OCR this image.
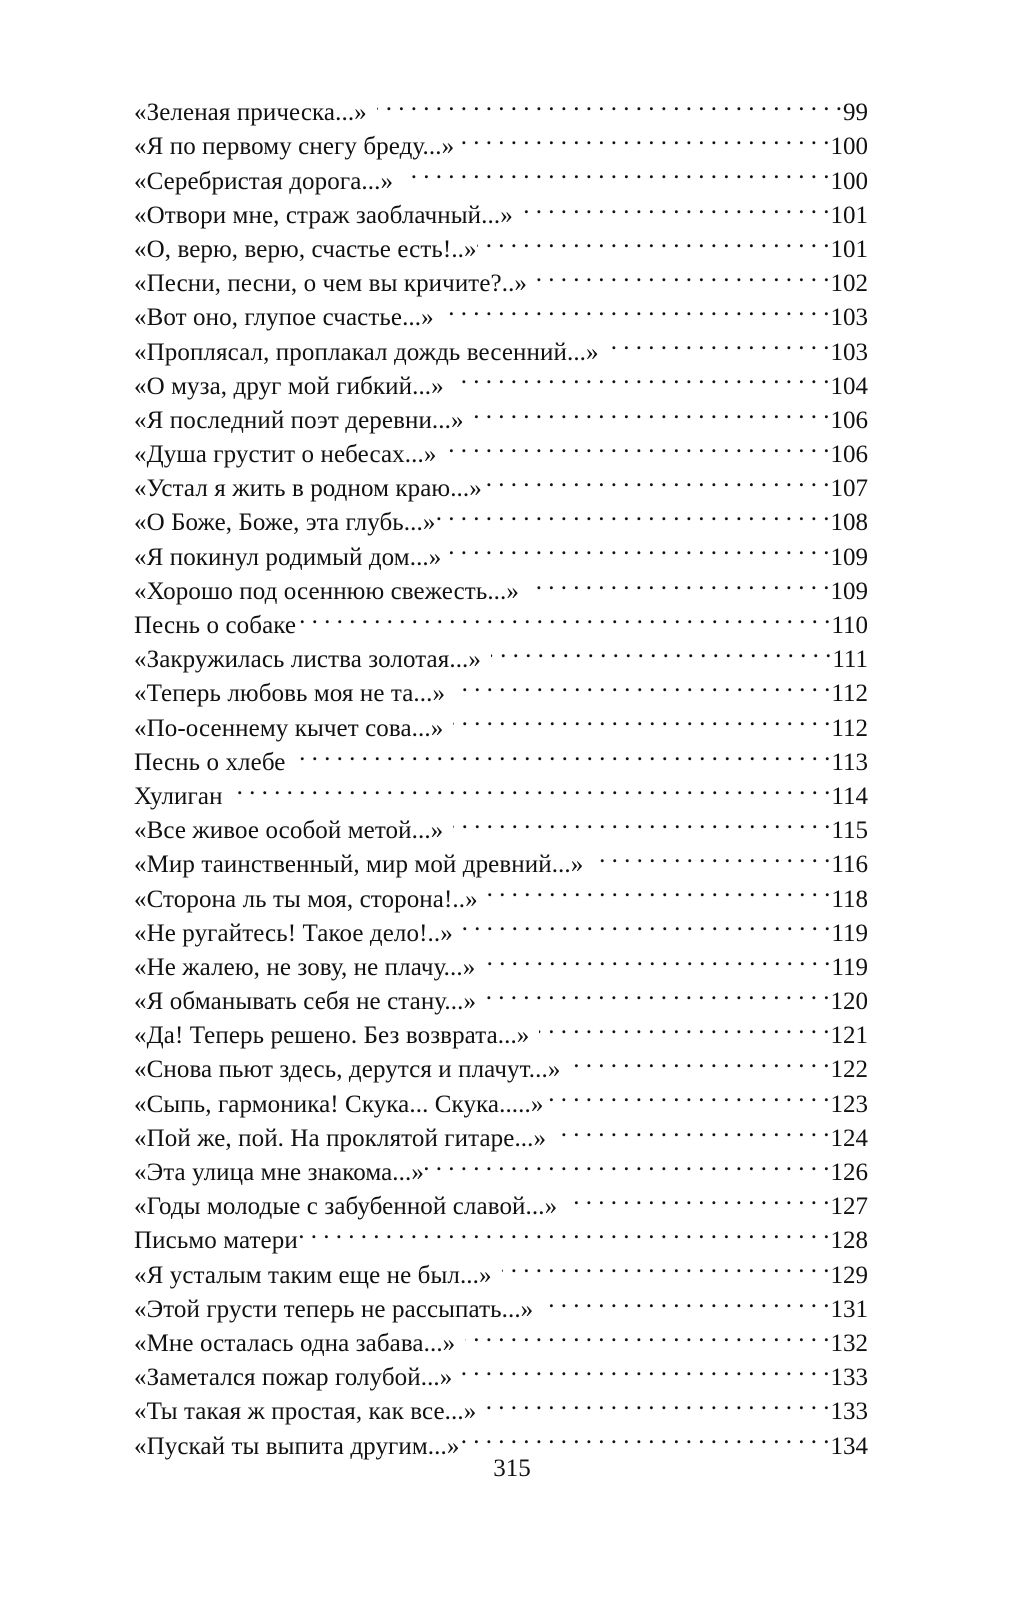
«Зеленая прическа...» . . .	99
«Я по первому снегу бреду...» . . .	100
«Серебристая дорога...» . . .	100
«Отвори мне, страж заоблачный...» . . .	101
«О, верю, верю, счастье есть!..» . . .	101
«Песни, песни, о чем вы кричите?..» . . .	102
«Вот оно, глупое счастье...» . . .	103
«Проплясал, проплакал дождь весенний...» . . .	103
«О муза, друг мой гибкий...» . . .	104
«Я последний поэт деревни...» . . .	106
«Душа грустит о небесах...» . . .	106
«Устал я жить в родном краю...» . . .	107
«О Боже, Боже, эта глубь...» . . .	108
«Я покинул родимый дом...» . . .	109
«Хорошо под осеннюю свежесть...» . . .	109
Песнь о собаке . . .	110
«Закружилась листва золотая...» . . .	111
«Теперь любовь моя не та...» . . .	112
«По-осеннему кычет сова...» . . .	112
Песнь о хлебе . . .	113
Хулиган . . .	114
«Все живое особой метой...» . . .	115
«Мир таинственный, мир мой древний...» . . .	116
«Сторона ль ты моя, сторона!..» . . .	118
«Не ругайтесь! Такое дело!..» . . .	119
«Не жалею, не зову, не плачу...» . . .	119
«Я обманывать себя не стану...» . . .	120
«Да! Теперь решено. Без возврата...» . . .	121
«Снова пьют здесь, дерутся и плачут...» . . .	122
«Сыпь, гармоника! Скука... Скука.....» . . .	123
«Пой же, пой. На проклятой гитаре...» . . .	124
«Эта улица мне знакома...» . . .	126
«Годы молодые с забубенной славой...» . . .	127
Письмо матери . . .	128
«Я усталым таким еще не был...» . . .	129
«Этой грусти теперь не рассыпать...» . . .	131
«Мне осталась одна забава...» . . .	132
«Заметался пожар голубой...» . . .	133
«Ты такая ж простая, как все...» . . .	133
«Пускай ты выпита другим...» . . .	134
315
